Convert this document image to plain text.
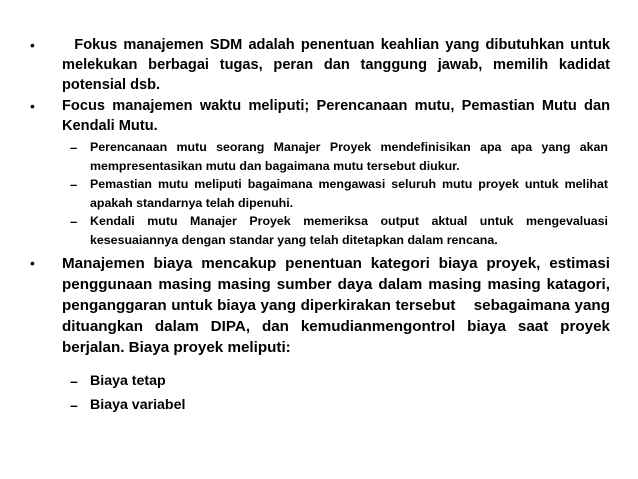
• Fokus manajemen SDM adalah penentuan keahlian yang dibutuhkan untuk melekukan berbagai tugas, peran dan tanggung jawab, memilih kadidat potensial dsb.
• Focus manajemen waktu meliputi; Perencanaan mutu, Pemastian Mutu dan Kendali Mutu.
– Perencanaan mutu seorang Manajer Proyek mendefinisikan apa apa yang akan mempresentasikan mutu dan bagaimana mutu tersebut diukur.
– Pemastian mutu meliputi bagaimana mengawasi seluruh mutu proyek untuk melihat apakah standarnya telah dipenuhi.
– Kendali mutu Manajer Proyek memeriksa output aktual untuk mengevaluasi kesesuaiannya dengan standar yang telah ditetapkan dalam rencana.
• Manajemen biaya mencakup penentuan kategori biaya proyek, estimasi penggunaan masing masing sumber daya dalam masing masing katagori, penganggaran untuk biaya yang diperkirakan tersebut    sebagaimana yang dituangkan dalam DIPA, dan kemudianmengontrol biaya saat proyek berjalan. Biaya proyek meliputi:
– Biaya tetap
– Biaya variabel
